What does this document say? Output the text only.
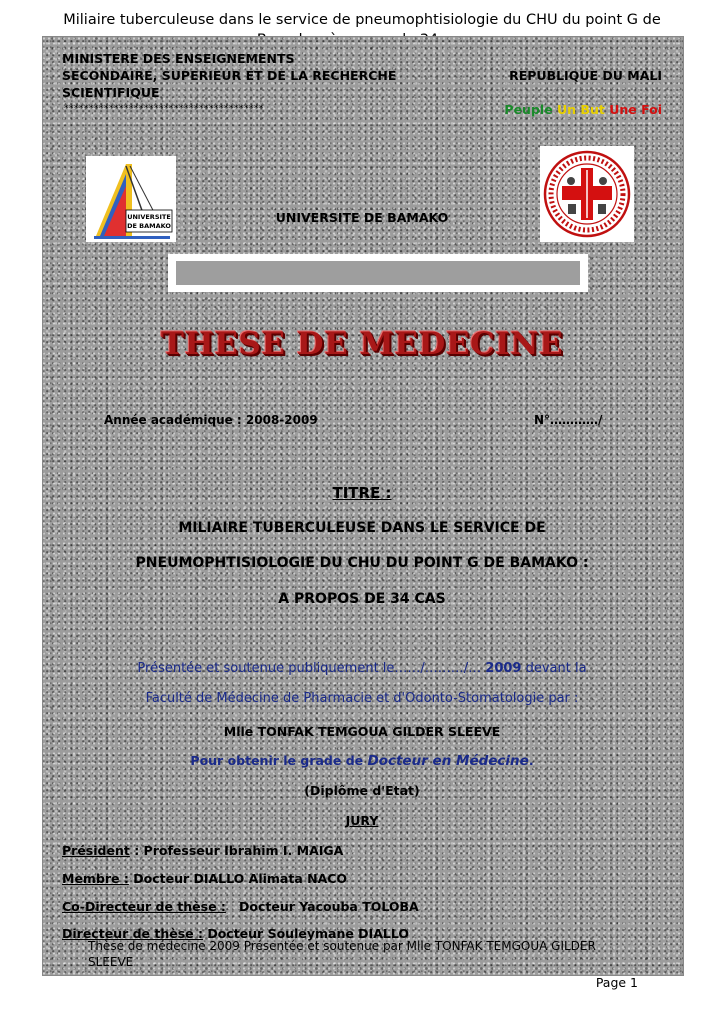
Miliaire tuberculeuse dans le service de pneumophtisiologie du CHU du point G de
MINISTERE DES ENSEIGNEMENTS
SECONDAIRE, SUPERIEUR ET DE LA RECHERCHE
SCIENTIFIQUE
****************************************
REPUBLIQUE DU MALI
Peuple Un But Une Foi
UNIVERSITE
DE BAMAKO
UNIVERSITE DE BAMAKO
THESE DE MEDECINE
Année académique : 2008-2009	N°…………/
TITRE :
MILIAIRE TUBERCULEUSE DANS LE SERVICE DE
PNEUMOPHTISIOLOGIE DU CHU DU POINT G DE BAMAKO :
A PROPOS DE 34 CAS
Présentée et soutenue publiquement le……/………/… 2009 devant la
Faculté de Médecine de Pharmacie et d'Odonto-Stomatologie par :
Mlle TONFAK TEMGOUA GILDER SLEEVE
Pour obtenir le grade de Docteur en Médecine.
(Diplôme d'Etat)
JURY
Président : Professeur Ibrahim I. MAIGA
Membre : Docteur DIALLO Alimata NACO
Co-Directeur de thèse :   Docteur Yacouba TOLOBA
Directeur de thèse : Docteur Souleymane DIALLO
Thèse de médecine 2009 Présentée et soutenue par Mlle TONFAK TEMGOUA GILDER SLEEVE
Page 1
